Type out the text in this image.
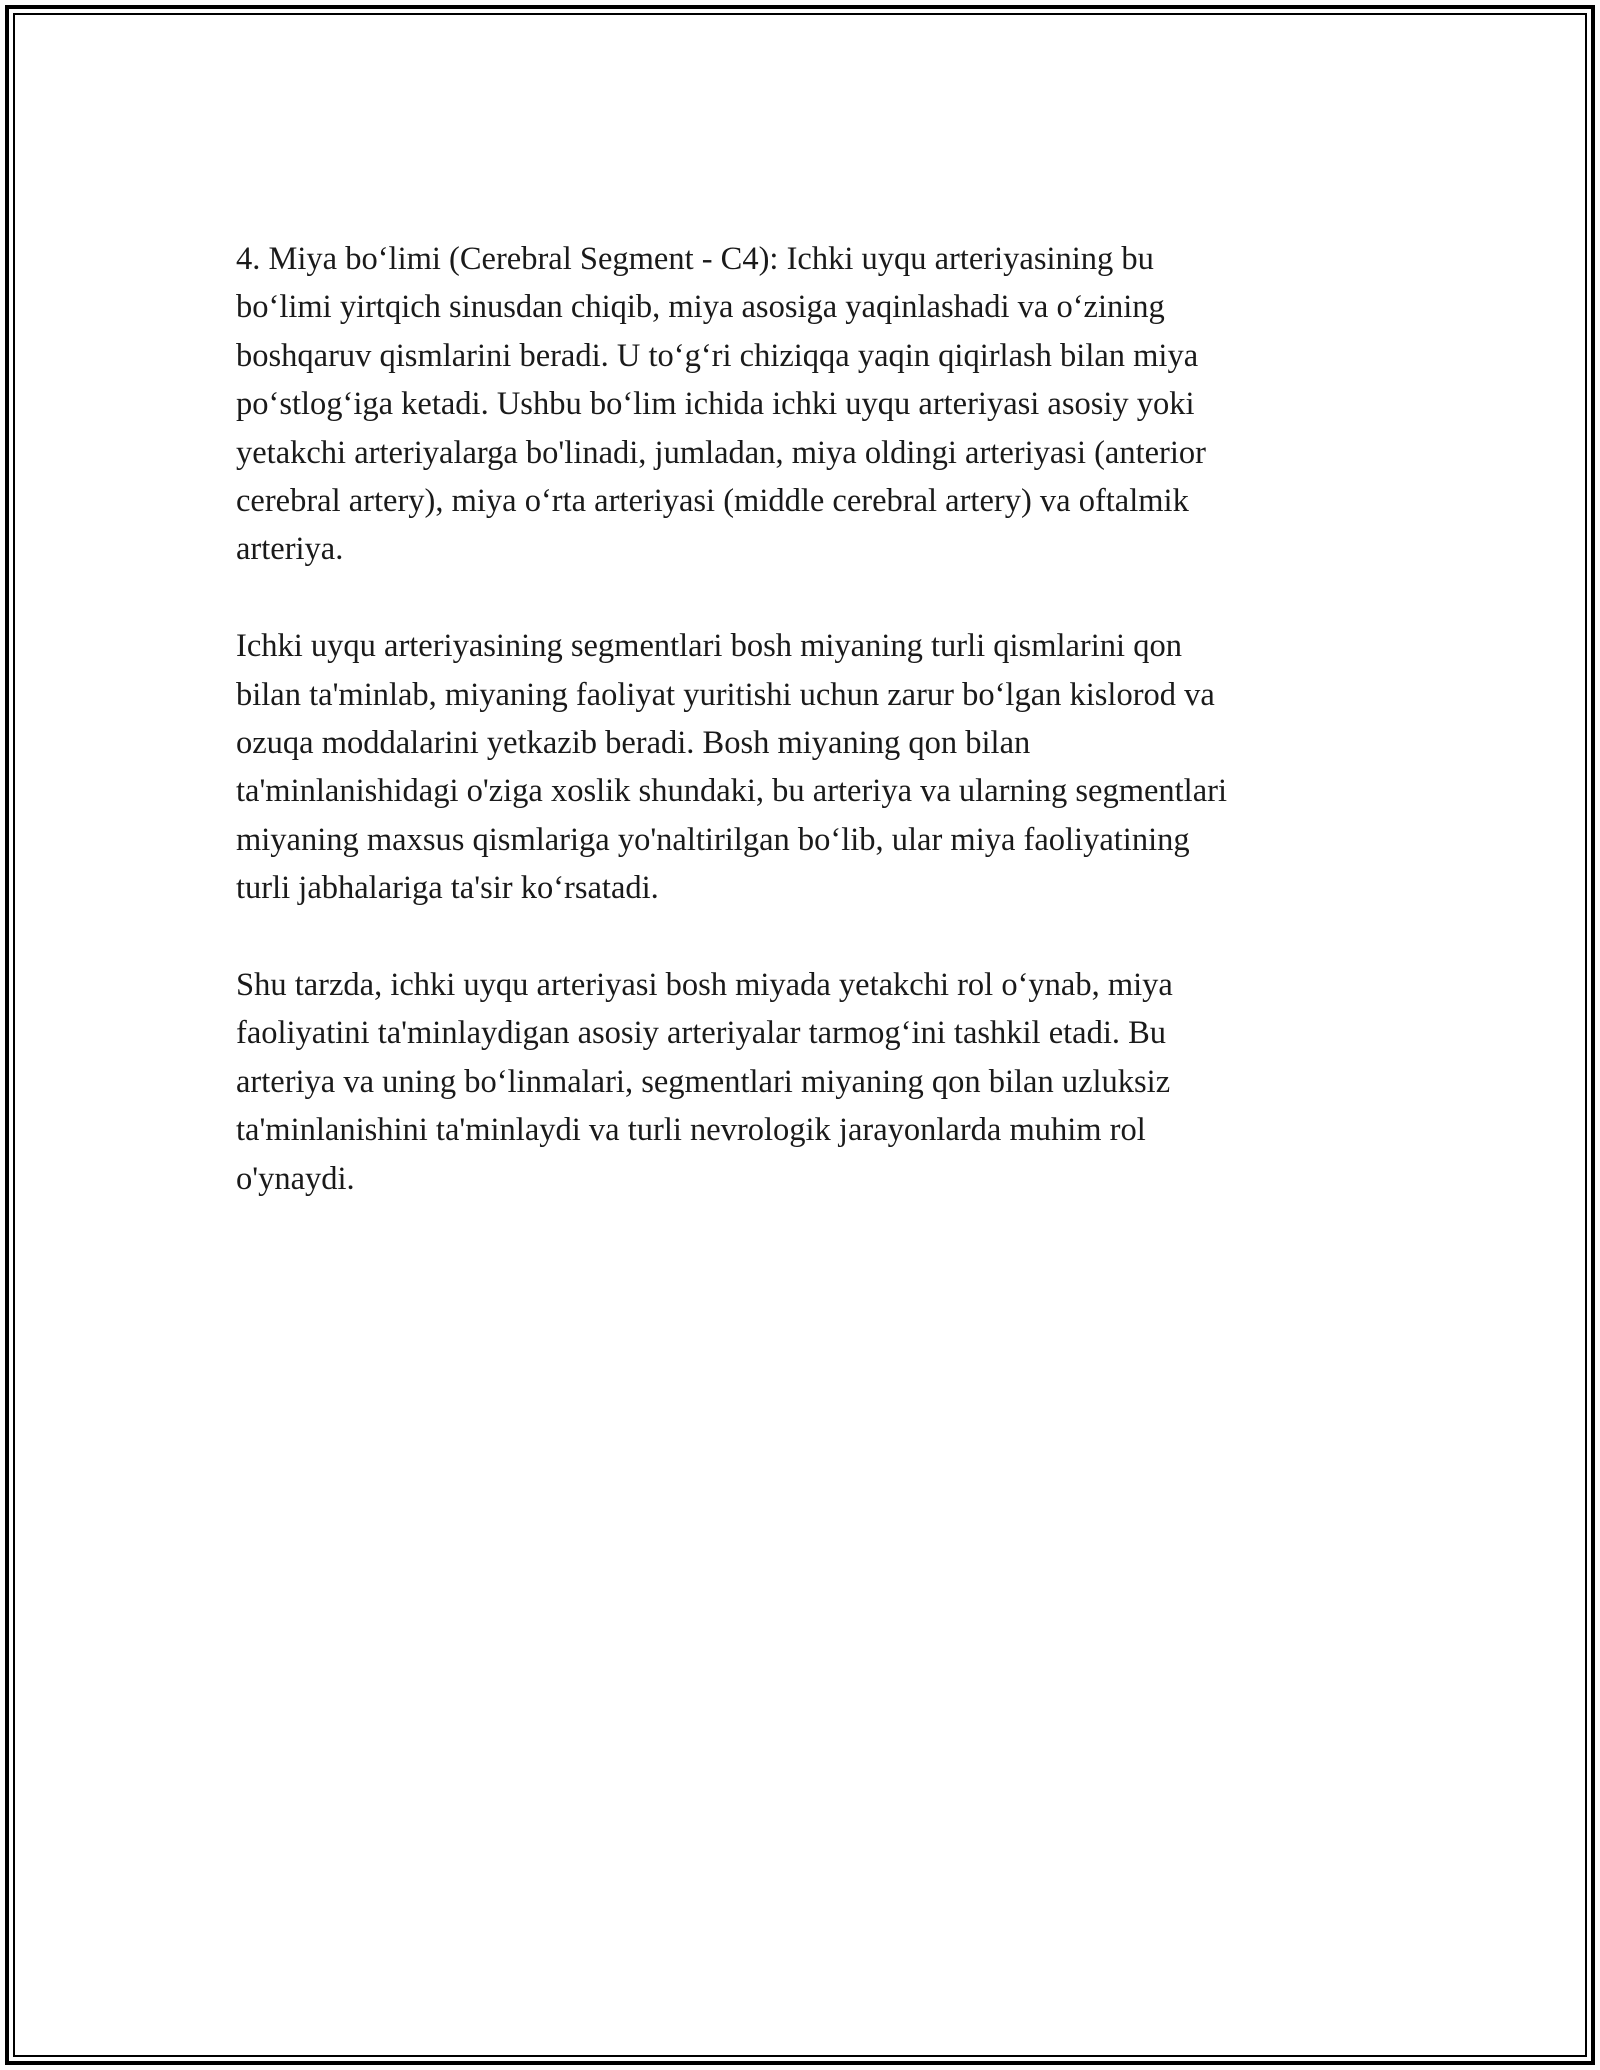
4. Miya bo‘limi (Cerebral Segment - C4): Ichki uyqu arteriyasining bu
bo‘limi yirtqich sinusdan chiqib, miya asosiga yaqinlashadi va o‘zining
boshqaruv qismlarini beradi. U to‘g‘ri chiziqqa yaqin qiqirlash bilan miya
po‘stlog‘iga ketadi. Ushbu bo‘lim ichida ichki uyqu arteriyasi asosiy yoki
yetakchi arteriyalarga bo'linadi, jumladan, miya oldingi arteriyasi (anterior
cerebral artery), miya o‘rta arteriyasi (middle cerebral artery) va oftalmik
arteriya.

Ichki uyqu arteriyasining segmentlari bosh miyaning turli qismlarini qon
bilan ta'minlab, miyaning faoliyat yuritishi uchun zarur bo‘lgan kislorod va
ozuqa moddalarini yetkazib beradi. Bosh miyaning qon bilan
ta'minlanishidagi o'ziga xoslik shundaki, bu arteriya va ularning segmentlari
miyaning maxsus qismlariga yo'naltirilgan bo‘lib, ular miya faoliyatining
turli jabhalariga ta'sir ko‘rsatadi.

Shu tarzda, ichki uyqu arteriyasi bosh miyada yetakchi rol o‘ynab, miya
faoliyatini ta'minlaydigan asosiy arteriyalar tarmog‘ini tashkil etadi. Bu
arteriya va uning bo‘linmalari, segmentlari miyaning qon bilan uzluksiz
ta'minlanishini ta'minlaydi va turli nevrologik jarayonlarda muhim rol
o'ynaydi.
